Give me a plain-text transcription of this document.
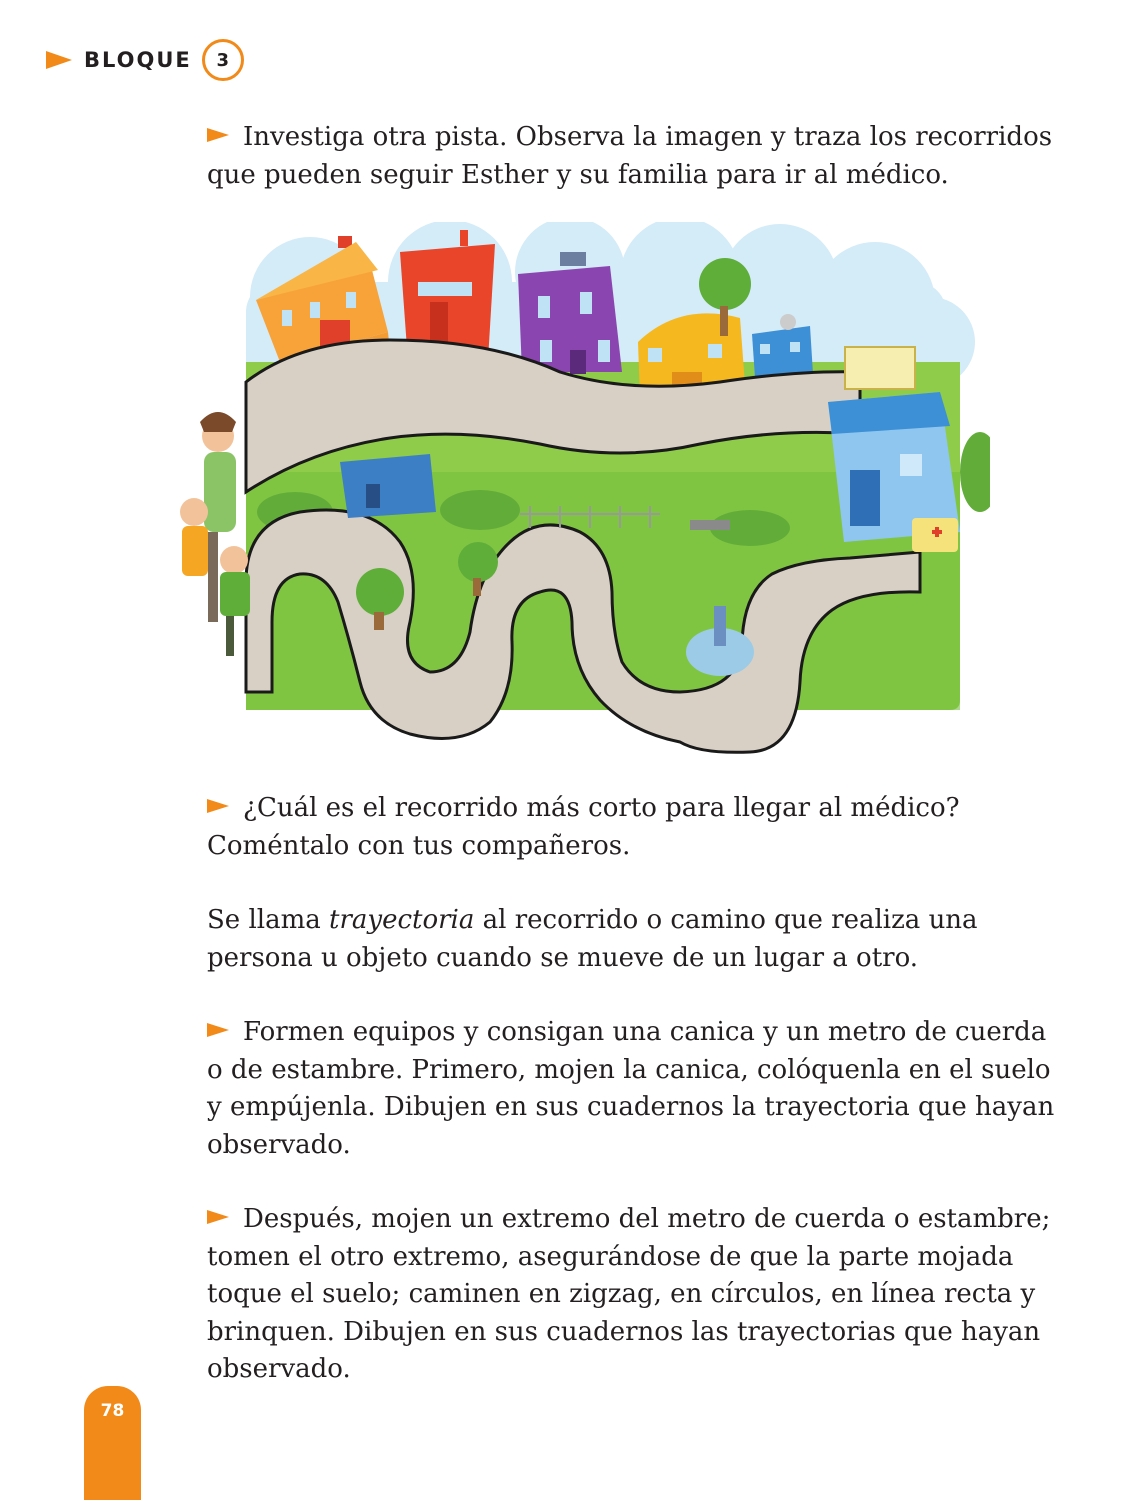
BLOQUE	3

Investiga otra pista. Observa la imagen y traza los recorridos que pueden seguir Esther y su familia para ir al médico.

¿Cuál es el recorrido más corto para llegar al médico? Coméntalo con tus compañeros.

Se llama trayectoria al recorrido o camino que realiza una persona u objeto cuando se mueve de un lugar a otro.

Formen equipos y consigan una canica y un metro de cuerda o de estambre. Primero, mojen la canica, colóquenla en el suelo y empújenla. Dibujen en sus cuadernos la trayectoria que hayan observado.

Después, mojen un extremo del metro de cuerda o estambre; tomen el otro extremo, asegurándose de que la parte mojada toque el suelo; caminen en zigzag, en círculos, en línea recta y brinquen. Dibujen en sus cuadernos las trayectorias que hayan observado.

78
